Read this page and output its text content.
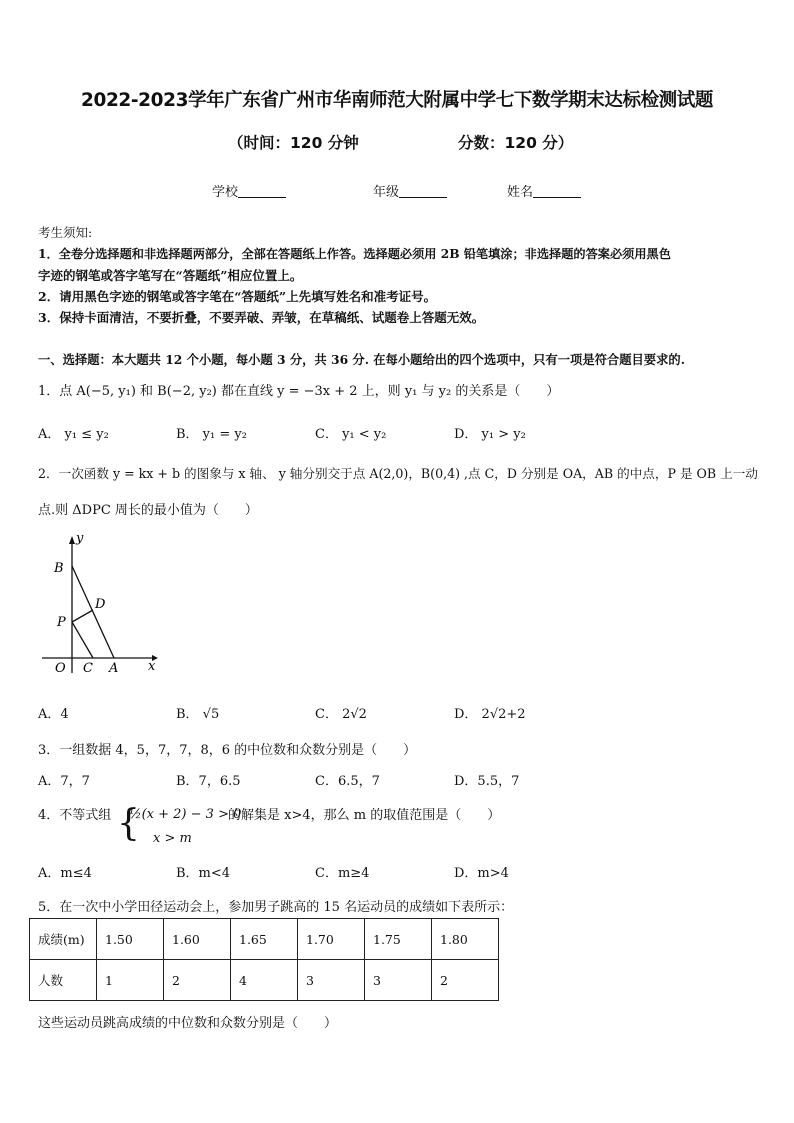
2022-2023学年广东省广州市华南师范大附属中学七下数学期末达标检测试题
（时间：120 分钟	分数：120 分）
学校	年级	姓名
考生须知:
1．全卷分选择题和非选择题两部分，全部在答题纸上作答。选择题必须用 2B 铅笔填涂；非选择题的答案必须用黑色
字迹的钢笔或答字笔写在“答题纸”相应位置上。
2．请用黑色字迹的钢笔或答字笔在“答题纸”上先填写姓名和准考证号。
3．保持卡面清洁，不要折叠，不要弄破、弄皱，在草稿纸、试题卷上答题无效。
一、选择题：本大题共 12 个小题，每小题 3 分，共 36 分. 在每小题给出的四个选项中，只有一项是符合题目要求的.
1．点 A(−5, y₁) 和 B(−2, y₂) 都在直线 y = −3x + 2 上，则 y₁ 与 y₂ 的关系是（　　）
A． y₁ ≤ y₂	B． y₁ = y₂	C． y₁ < y₂	D． y₁ > y₂
2．一次函数 y = kx + b 的图象与 x 轴、 y 轴分别交于点 A(2,0)，B(0,4) ,点 C，D 分别是 OA，AB 的中点，P 是 OB 上一动
点.则 ΔDPC 周长的最小值为（　　）
y
x
B
D
P
O C A
A．4	B． √5	C． 2√2	D． 2√2+2
3．一组数据 4，5，7，7，8，6 的中位数和众数分别是（　　）
A．7，7	B．7，6.5	C．6.5，7	D．5.5，7
4．不等式组 {
½(x + 2) − 3 > 0
x > m
的解集是 x>4，那么 m 的取值范围是（　　）
A．m≤4	B．m<4	C．m≥4	D．m>4
5．在一次中小学田径运动会上，参加男子跳高的 15 名运动员的成绩如下表所示：
成绩(m)	1.50	1.60	1.65	1.70	1.75	1.80
人数	1	2	4	3	3	2
这些运动员跳高成绩的中位数和众数分别是（　　）
